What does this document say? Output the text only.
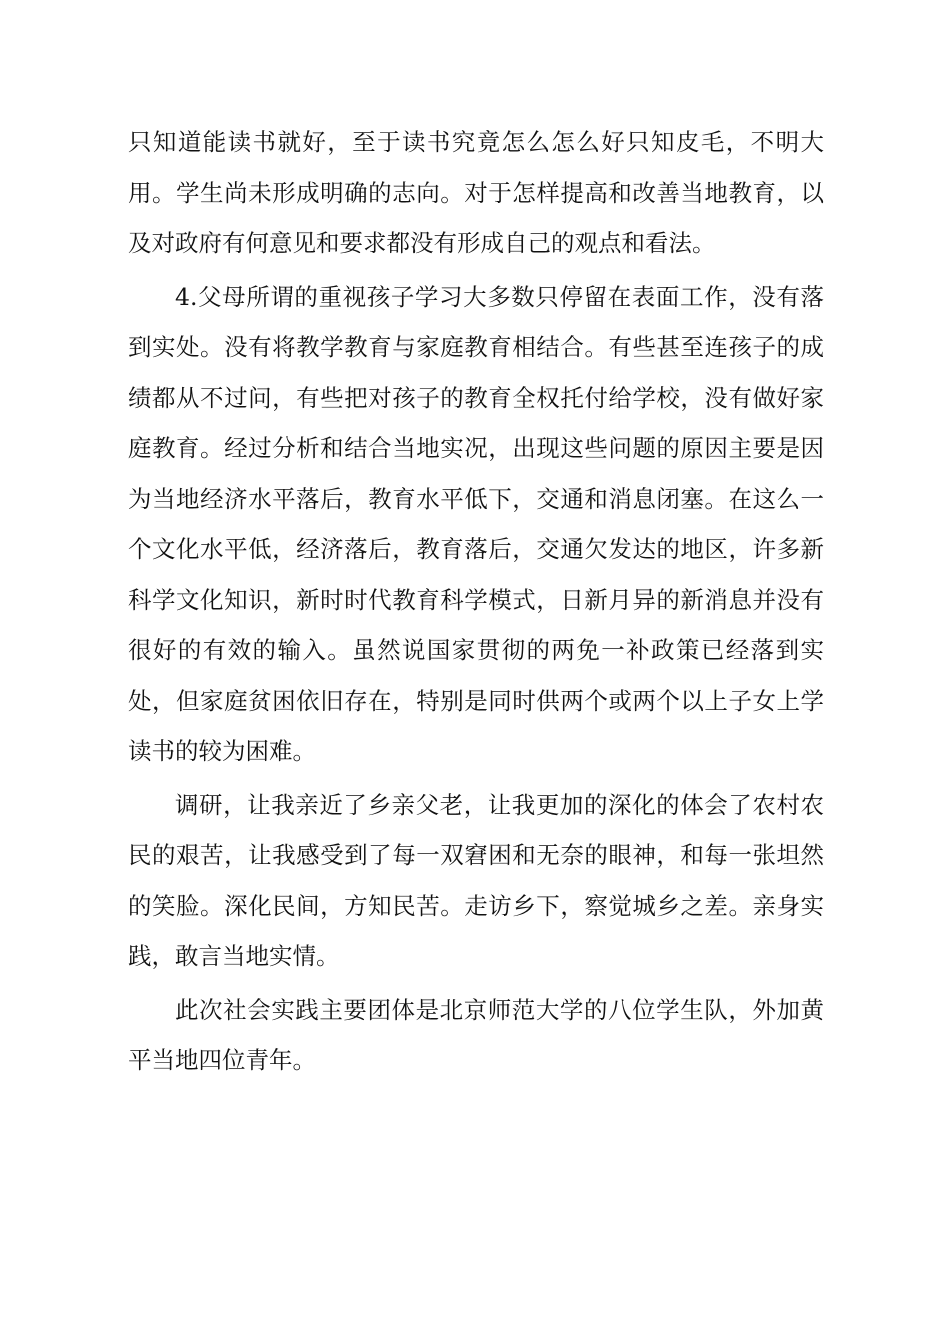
只知道能读书就好，至于读书究竟怎么怎么好只知皮毛，不明大用。学生尚未形成明确的志向。对于怎样提高和改善当地教育，以及对政府有何意见和要求都没有形成自己的观点和看法。

4.父母所谓的重视孩子学习大多数只停留在表面工作，没有落到实处。没有将教学教育与家庭教育相结合。有些甚至连孩子的成绩都从不过问，有些把对孩子的教育全权托付给学校，没有做好家庭教育。经过分析和结合当地实况，出现这些问题的原因主要是因为当地经济水平落后，教育水平低下，交通和消息闭塞。在这么一个文化水平低，经济落后，教育落后，交通欠发达的地区，许多新科学文化知识，新时时代教育科学模式，日新月异的新消息并没有很好的有效的输入。虽然说国家贯彻的两免一补政策已经落到实处，但家庭贫困依旧存在，特别是同时供两个或两个以上子女上学读书的较为困难。

调研，让我亲近了乡亲父老，让我更加的深化的体会了农村农民的艰苦，让我感受到了每一双窘困和无奈的眼神，和每一张坦然的笑脸。深化民间，方知民苦。走访乡下，察觉城乡之差。亲身实践，敢言当地实情。

此次社会实践主要团体是北京师范大学的八位学生队，外加黄平当地四位青年。
